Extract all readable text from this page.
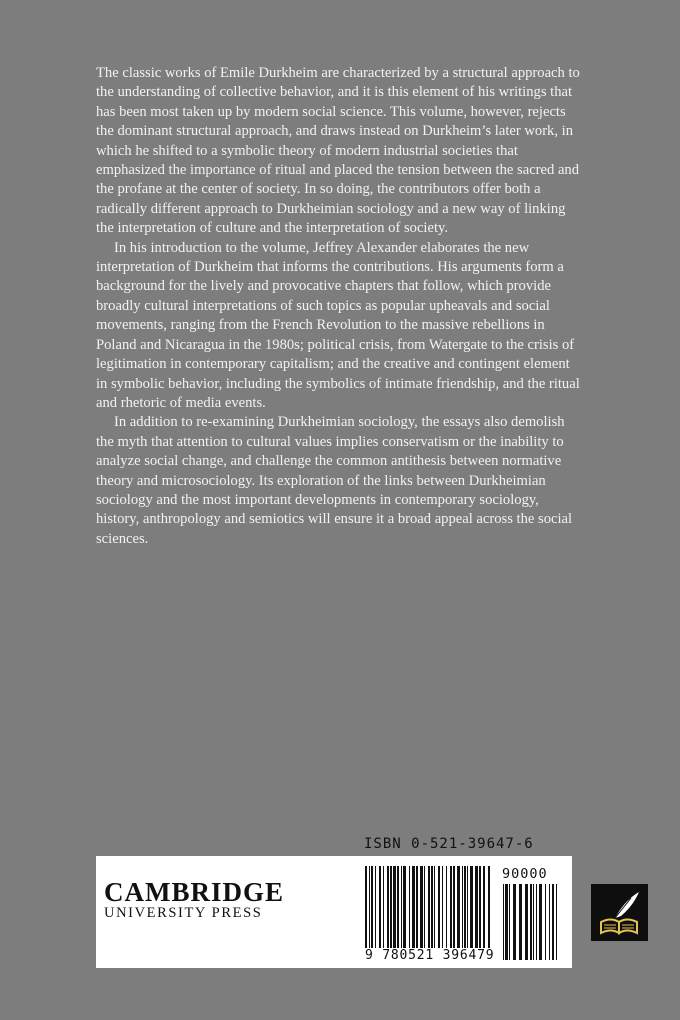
The classic works of Emile Durkheim are characterized by a structural approach to the understanding of collective behavior, and it is this element of his writings that has been most taken up by modern social science. This volume, however, rejects the dominant structural approach, and draws instead on Durkheim’s later work, in which he shifted to a symbolic theory of modern industrial societies that emphasized the importance of ritual and placed the tension between the sacred and the profane at the center of society. In so doing, the contributors offer both a radically different approach to Durkheimian sociology and a new way of linking the interpretation of culture and the interpretation of society.

In his introduction to the volume, Jeffrey Alexander elaborates the new interpretation of Durkheim that informs the contributions. His arguments form a background for the lively and provocative chapters that follow, which provide broadly cultural interpretations of such topics as popular upheavals and social movements, ranging from the French Revolution to the massive rebellions in Poland and Nicaragua in the 1980s; political crisis, from Watergate to the crisis of legitimation in contemporary capitalism; and the creative and contingent element in symbolic behavior, including the symbolics of intimate friendship, and the ritual and rhetoric of media events.

In addition to re-examining Durkheimian sociology, the essays also demolish the myth that attention to cultural values implies conservatism or the inability to analyze social change, and challenge the common antithesis between normative theory and microsociology. Its exploration of the links between Durkheimian sociology and the most important developments in contemporary sociology, history, anthropology and semiotics will ensure it a broad appeal across the social sciences.

ISBN 0-521-39647-6
CAMBRIDGE
UNIVERSITY PRESS
90000
9 780521 396479
